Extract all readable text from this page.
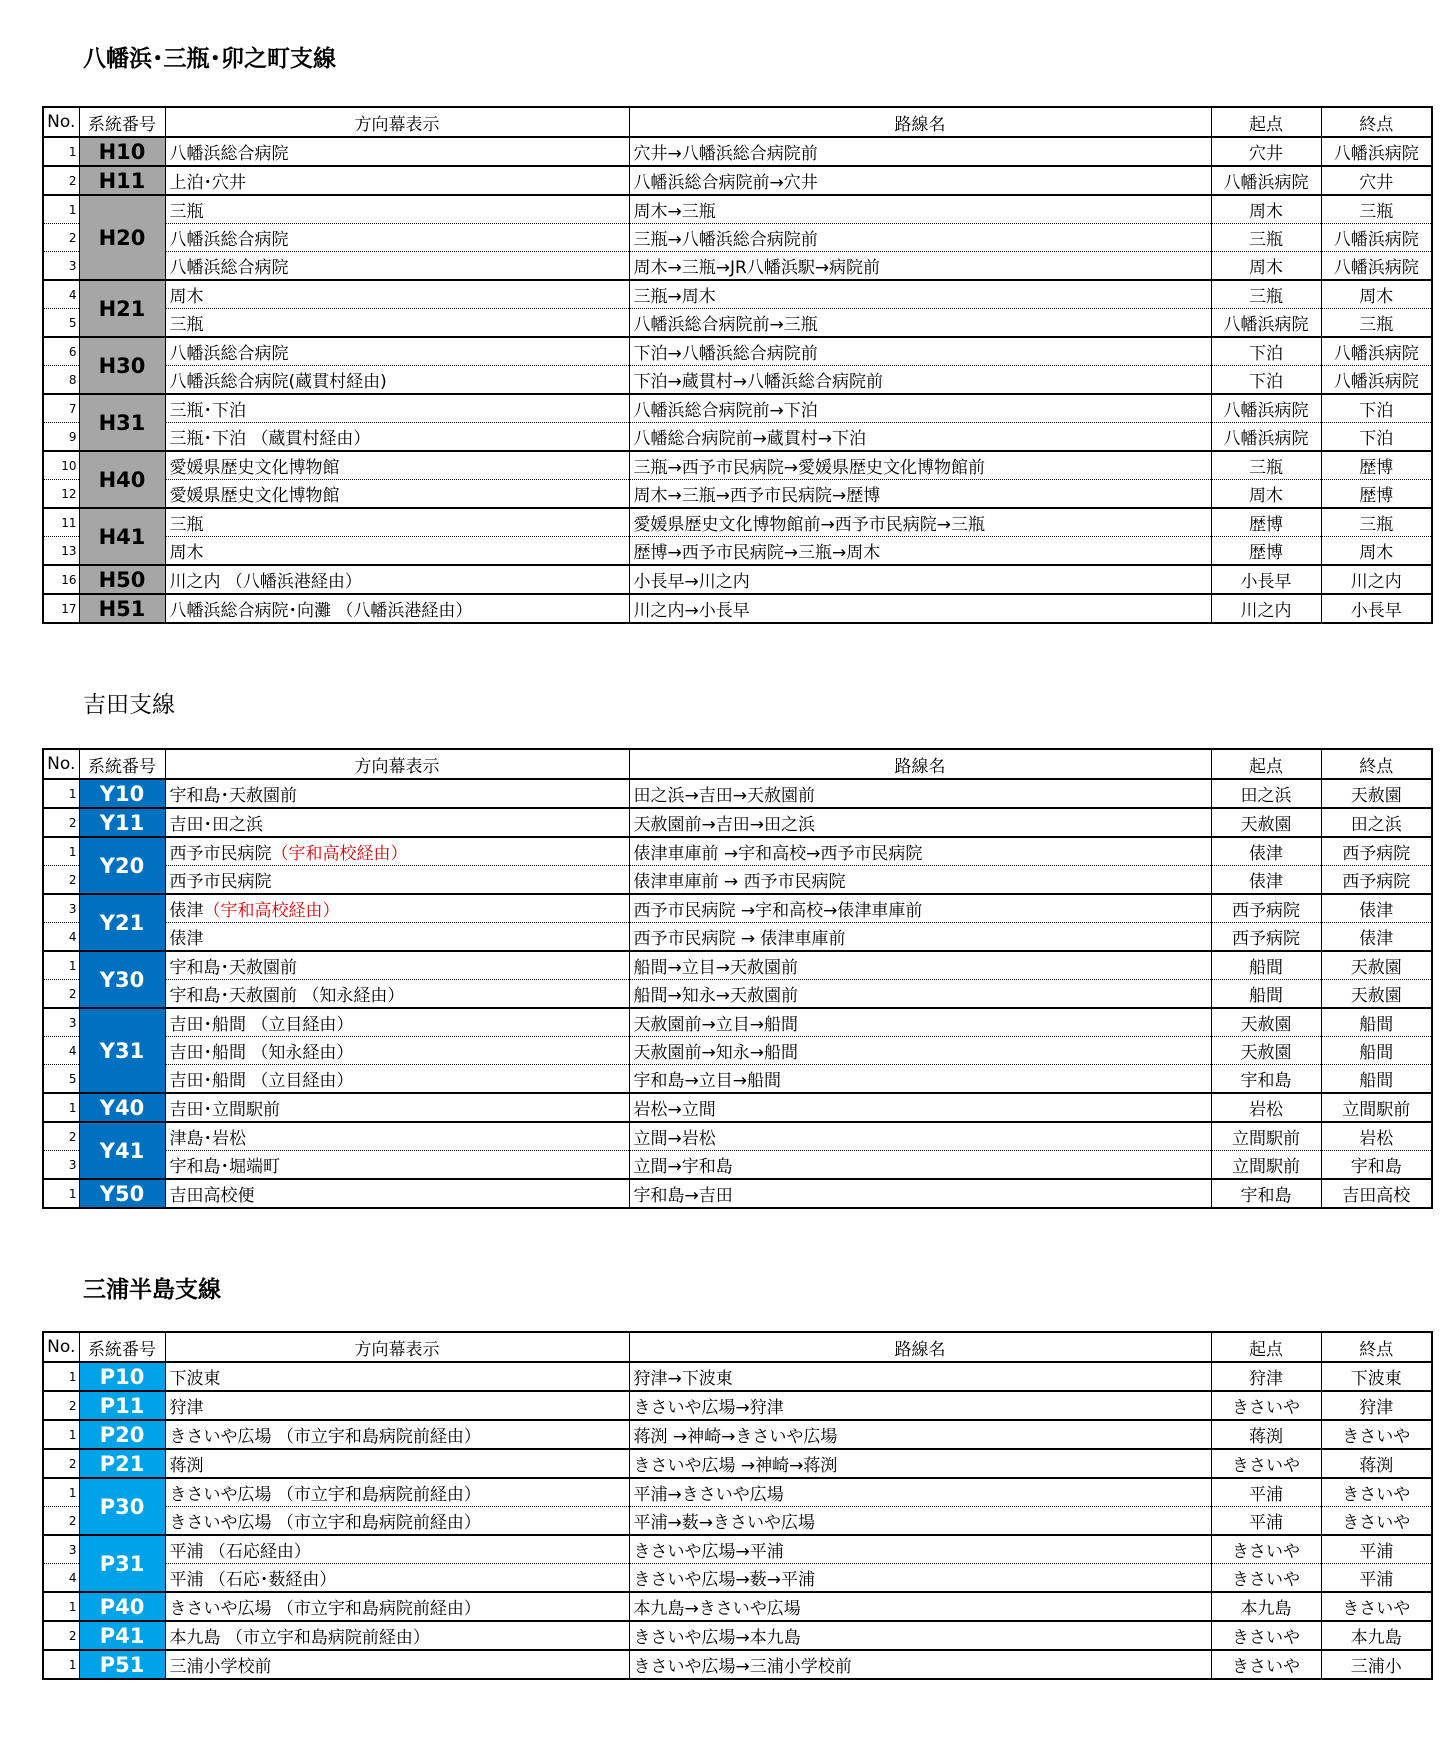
八幡浜･三瓶･卯之町支線
No.	系統番号	方向幕表示	路線名	起点	終点
1	H10	八幡浜総合病院	穴井→八幡浜総合病院前	穴井	八幡浜病院
2	H11	上泊･穴井	八幡浜総合病院前→穴井	八幡浜病院	穴井
1	H20	三瓶	周木→三瓶	周木	三瓶
2		八幡浜総合病院	三瓶→八幡浜総合病院前	三瓶	八幡浜病院
3		八幡浜総合病院	周木→三瓶→JR八幡浜駅→病院前	周木	八幡浜病院
4	H21	周木	三瓶→周木	三瓶	周木
5		三瓶	八幡浜総合病院前→三瓶	八幡浜病院	三瓶
6	H30	八幡浜総合病院	下泊→八幡浜総合病院前	下泊	八幡浜病院
8		八幡浜総合病院(蔵貫村経由)	下泊→蔵貫村→八幡浜総合病院前	下泊	八幡浜病院
7	H31	三瓶･下泊	八幡浜総合病院前→下泊	八幡浜病院	下泊
9		三瓶･下泊 （蔵貫村経由）	八幡総合病院前→蔵貫村→下泊	八幡浜病院	下泊
10	H40	愛媛県歴史文化博物館	三瓶→西予市民病院→愛媛県歴史文化博物館前	三瓶	歴博
12		愛媛県歴史文化博物館	周木→三瓶→西予市民病院→歴博	周木	歴博
11	H41	三瓶	愛媛県歴史文化博物館前→西予市民病院→三瓶	歴博	三瓶
13		周木	歴博→西予市民病院→三瓶→周木	歴博	周木
16	H50	川之内 （八幡浜港経由）	小長早→川之内	小長早	川之内
17	H51	八幡浜総合病院･向灘 （八幡浜港経由）	川之内→小長早	川之内	小長早
吉田支線
No.	系統番号	方向幕表示	路線名	起点	終点
1	Y10	宇和島･天赦園前	田之浜→吉田→天赦園前	田之浜	天赦園
2	Y11	吉田･田之浜	天赦園前→吉田→田之浜	天赦園	田之浜
1	Y20	西予市民病院（宇和高校経由）	俵津車庫前 →宇和高校→西予市民病院	俵津	西予病院
2		西予市民病院	俵津車庫前 → 西予市民病院	俵津	西予病院
3	Y21	俵津（宇和高校経由）	西予市民病院 →宇和高校→俵津車庫前	西予病院	俵津
4		俵津	西予市民病院 → 俵津車庫前	西予病院	俵津
1	Y30	宇和島･天赦園前	船間→立目→天赦園前	船間	天赦園
2		宇和島･天赦園前 （知永経由）	船間→知永→天赦園前	船間	天赦園
3	Y31	吉田･船間 （立目経由）	天赦園前→立目→船間	天赦園	船間
4		吉田･船間 （知永経由）	天赦園前→知永→船間	天赦園	船間
5		吉田･船間 （立目経由）	宇和島→立目→船間	宇和島	船間
1	Y40	吉田･立間駅前	岩松→立間	岩松	立間駅前
2	Y41	津島･岩松	立間→岩松	立間駅前	岩松
3		宇和島･堀端町	立間→宇和島	立間駅前	宇和島
1	Y50	吉田高校便	宇和島→吉田	宇和島	吉田高校
三浦半島支線
No.	系統番号	方向幕表示	路線名	起点	終点
1	P10	下波東	狩津→下波東	狩津	下波東
2	P11	狩津	きさいや広場→狩津	きさいや	狩津
1	P20	きさいや広場 （市立宇和島病院前経由）	蒋渕 →神崎→きさいや広場	蒋渕	きさいや
2	P21	蒋渕	きさいや広場 →神崎→蒋渕	きさいや	蒋渕
1	P30	きさいや広場 （市立宇和島病院前経由）	平浦→きさいや広場	平浦	きさいや
2		きさいや広場 （市立宇和島病院前経由）	平浦→薮→きさいや広場	平浦	きさいや
3	P31	平浦 （石応経由）	きさいや広場→平浦	きさいや	平浦
4		平浦 （石応･薮経由）	きさいや広場→薮→平浦	きさいや	平浦
1	P40	きさいや広場 （市立宇和島病院前経由）	本九島→きさいや広場	本九島	きさいや
2	P41	本九島 （市立宇和島病院前経由）	きさいや広場→本九島	きさいや	本九島
1	P51	三浦小学校前	きさいや広場→三浦小学校前	きさいや	三浦小
